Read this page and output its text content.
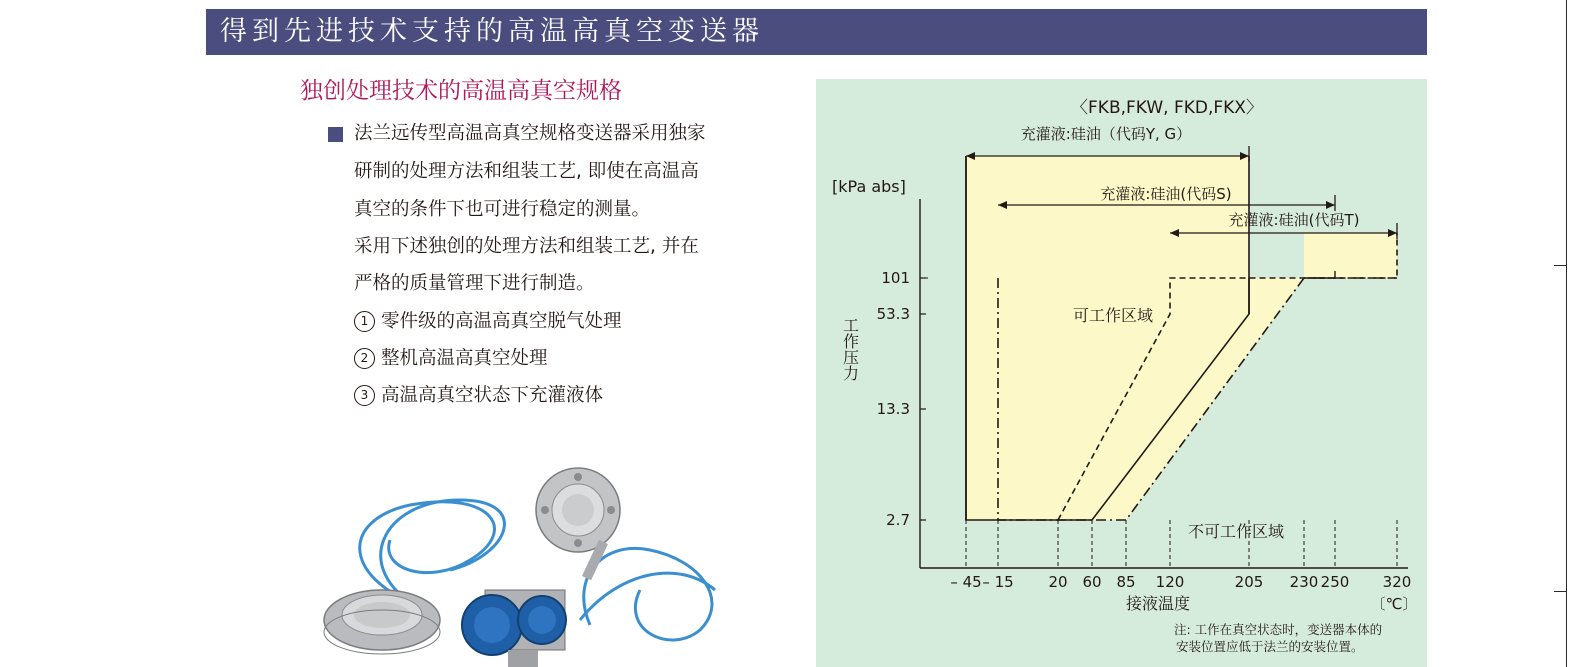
得到先进技术支持的高温高真空变送器
独创处理技术的高温高真空规格
法兰远传型高温高真空规格变送器采用独家
研制的处理方法和组装工艺, 即使在高温高
真空的条件下也可进行稳定的测量。
采用下述独创的处理方法和组装工艺, 并在
严格的质量管理下进行制造。
1 零件级的高温高真空脱气处理
2 整机高温高真空处理
3 高温高真空状态下充灌液体
〈FKB,FKW, FKD,FKX〉
[kPa abs]
工作压力
接液温度	〔℃〕
可工作区域
不可工作区域
充灌液:硅油（代码Y, G）
充灌液:硅油(代码S)
充灌液:硅油(代码T)
注: 工作在真空状态时，变送器本体的
安装位置应低于法兰的安装位置。
2.7
13.3
53.3
101
– 45 – 15 20 60 85 120	205 230 250 320
